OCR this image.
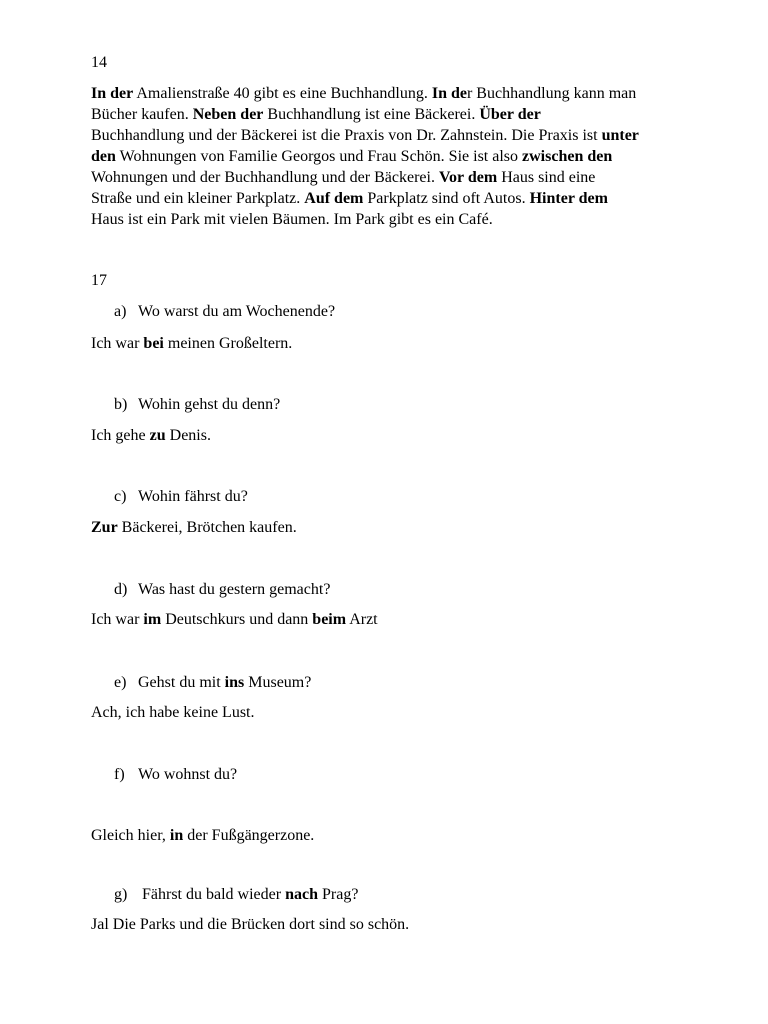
14
In der Amalienstraße 40 gibt es eine Buchhandlung. In der Buchhandlung kann man
Bücher kaufen. Neben der Buchhandlung ist eine Bäckerei. Über der
Buchhandlung und der Bäckerei ist die Praxis von Dr. Zahnstein. Die Praxis ist unter
den Wohnungen von Familie Georgos und Frau Schön. Sie ist also zwischen den
Wohnungen und der Buchhandlung und der Bäckerei. Vor dem Haus sind eine
Straße und ein kleiner Parkplatz. Auf dem Parkplatz sind oft Autos. Hinter dem
Haus ist ein Park mit vielen Bäumen. Im Park gibt es ein Café.
17
a) Wo warst du am Wochenende?
Ich war bei meinen Großeltern.
b) Wohin gehst du denn?
Ich gehe zu Denis.
c) Wohin fährst du?
Zur Bäckerei, Brötchen kaufen.
d) Was hast du gestern gemacht?
Ich war im Deutschkurs und dann beim Arzt
e) Gehst du mit ins Museum?
Ach, ich habe keine Lust.
f) Wo wohnst du?
Gleich hier, in der Fußgängerzone.
g) Fährst du bald wieder nach Prag?
Jal Die Parks und die Brücken dort sind so schön.
